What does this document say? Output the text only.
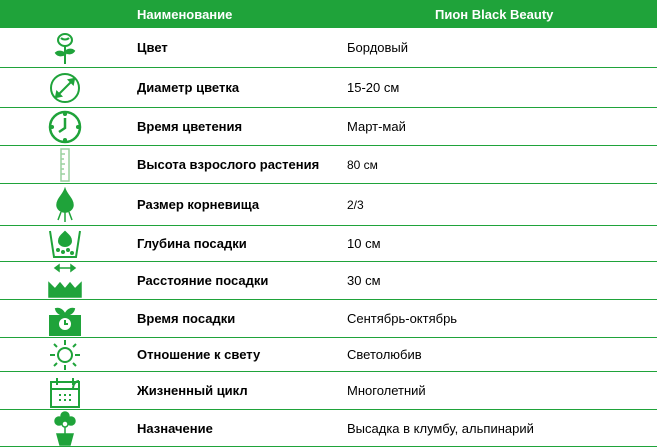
Наименование	Пион Black Beauty
Цвет	Бордовый
Диаметр цветка	15-20 см
Время цветения	Март-май
Высота взрослого растения	80 см
Размер корневища	2/3
Глубина посадки	10 см
Расстояние посадки	30 см
Время посадки	Сентябрь-октябрь
Отношение к свету	Светолюбив
Жизненный цикл	Многолетний
Назначение	Высадка в клумбу, альпинарий
